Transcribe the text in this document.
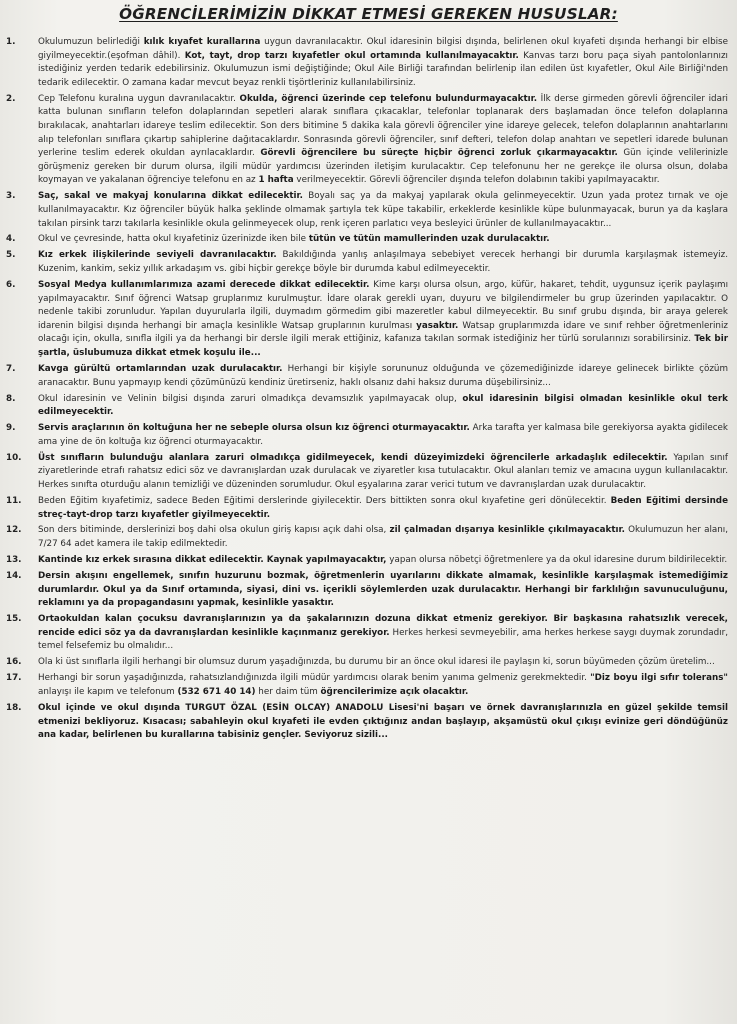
ÖĞRENCİLERİMİZİN DİKKAT ETMESİ GEREKEN HUSUSLAR:
1.	Okulumuzun belirlediği kılık kıyafet kurallarına uygun davranılacaktır. Okul idaresinin bilgisi dışında, belirlenen okul kıyafeti dışında herhangi bir elbise giyilmeyecektir.(eşofman dâhil). Kot, tayt, drop tarzı kıyafetler okul ortamında kullanılmayacaktır. Kanvas tarzı boru paça siyah pantolonlarınızı istediğiniz yerden tedarik edebilirsiniz. Okulumuzun ismi değiştiğinde; Okul Aile Birliği tarafından belirlenip ilan edilen üst kıyafetler, Okul Aile Birliği'nden tedarik edilecektir. O zamana kadar mevcut beyaz renkli tişörtleriniz kullanılabilirsiniz.
2.	Cep Telefonu kuralına uygun davranılacaktır. Okulda, öğrenci üzerinde cep telefonu bulundurmayacaktır. İlk derse girmeden görevli öğrenciler idari katta bulunan sınıfların telefon dolaplarından sepetleri alarak sınıflara çıkacaklar, telefonlar toplanarak ders başlamadan önce telefon dolaplarına bırakılacak, anahtarları idareye teslim edilecektir. Son ders bitimine 5 dakika kala görevli öğrenciler yine idareye gelecek, telefon dolaplarının anahtarlarını alıp telefonları sınıflara çıkartıp sahiplerine dağıtacaklardır. Sonrasında görevli öğrenciler, sınıf defteri, telefon dolap anahtarı ve sepetleri idarede bulunan yerlerine teslim ederek okuldan ayrılacaklardır. Görevli öğrencilere bu süreçte hiçbir öğrenci zorluk çıkarmayacaktır. Gün içinde velilerinizle görüşmeniz gereken bir durum olursa, ilgili müdür yardımcısı üzerinden iletişim kurulacaktır. Cep telefonunu her ne gerekçe ile olursa olsun, dolaba koymayan ve yakalanan öğrenciye telefonu en az 1 hafta verilmeyecektir. Görevli öğrenciler dışında telefon dolabının takibi yapılmayacaktır.
3.	Saç, sakal ve makyaj konularına dikkat edilecektir. Boyalı saç ya da makyaj yapılarak okula gelinmeyecektir. Uzun yada protez tırnak ve oje kullanılmayacaktır. Kız öğrenciler büyük halka şeklinde olmamak şartıyla tek küpe takabilir, erkeklerde kesinlikle küpe bulunmayacak, burun ya da kaşlara takılan pirsink tarzı takılarla kesinlikle okula gelinmeyecek olup, renk içeren parlatıcı veya besleyici ürünler de kullanılmayacaktır...
4.	Okul ve çevresinde, hatta okul kıyafetiniz üzerinizde iken bile tütün ve tütün mamullerinden uzak durulacaktır.
5.	Kız erkek ilişkilerinde seviyeli davranılacaktır. Bakıldığında yanlış anlaşılmaya sebebiyet verecek herhangi bir durumla karşılaşmak istemeyiz. Kuzenim, kankim, sekiz yıllık arkadaşım vs. gibi hiçbir gerekçe böyle bir durumda kabul edilmeyecektir.
6.	Sosyal Medya kullanımlarımıza azami derecede dikkat edilecektir. Kime karşı olursa olsun, argo, küfür, hakaret, tehdit, uygunsuz içerik paylaşımı yapılmayacaktır. Sınıf öğrenci Watsap gruplarımız kurulmuştur. İdare olarak gerekli uyarı, duyuru ve bilgilendirmeler bu grup üzerinden yapılacaktır. O nedenle takibi zorunludur. Yapılan duyurularla ilgili, duymadım görmedim gibi mazeretler kabul dilmeyecektir. Bu sınıf grubu dışında, bir araya gelerek idarenin bilgisi dışında herhangi bir amaçla kesinlikle Watsap gruplarının kurulması yasaktır. Watsap gruplarımızda idare ve sınıf rehber öğretmenleriniz olacağı için, okulla, sınıfla ilgili ya da herhangi bir dersle ilgili merak ettiğiniz, kafanıza takılan sormak istediğiniz her türlü sorularınızı sorabilirsiniz. Tek bir şartla, üslubumuza dikkat etmek koşulu ile...
7.	Kavga gürültü ortamlarından uzak durulacaktır. Herhangi bir kişiyle sorununuz olduğunda ve çözemediğinizde idareye gelinecek birlikte çözüm aranacaktır. Bunu yapmayıp kendi çözümünüzü kendiniz üretirseniz, haklı olsanız dahi haksız duruma düşebilirsiniz...
8.	Okul idaresinin ve Velinin bilgisi dışında zaruri olmadıkça devamsızlık yapılmayacak olup, okul idaresinin bilgisi olmadan kesinlikle okul terk edilmeyecektir.
9.	Servis araçlarının ön koltuğuna her ne sebeple olursa olsun kız öğrenci oturmayacaktır. Arka tarafta yer kalmasa bile gerekiyorsa ayakta gidilecek ama yine de ön koltuğa kız öğrenci oturmayacaktır.
10. Üst sınıfların bulunduğu alanlara zaruri olmadıkça gidilmeyecek, kendi düzeyimizdeki öğrencilerle arkadaşlık edilecektir. Yapılan sınıf ziyaretlerinde etrafı rahatsız edici söz ve davranışlardan uzak durulacak ve ziyaretler kısa tutulacaktır. Okul alanları temiz ve amacına uygun kullanılacaktır. Herkes sınıfta oturduğu alanın temizliği ve düzeninden sorumludur. Okul eşyalarına zarar verici tutum ve davranışlardan uzak durulacaktır.
11. Beden Eğitim kıyafetimiz, sadece Beden Eğitimi derslerinde giyilecektir. Ders bittikten sonra okul kıyafetine geri dönülecektir. Beden Eğitimi dersinde streç-tayt-drop tarzı kıyafetler giyilmeyecektir.
12. Son ders bitiminde, derslerinizi boş dahi olsa okulun giriş kapısı açık dahi olsa, zil çalmadan dışarıya kesinlikle çıkılmayacaktır. Okulumuzun her alanı, 7/27 64 adet kamera ile takip edilmektedir.
13. Kantinde kız erkek sırasına dikkat edilecektir. Kaynak yapılmayacaktır, yapan olursa nöbetçi öğretmenlere ya da okul idaresine durum bildirilecektir.
14. Dersin akışını engellemek, sınıfın huzurunu bozmak, öğretmenlerin uyarılarını dikkate almamak, kesinlikle karşılaşmak istemediğimiz durumlardır. Okul ya da Sınıf ortamında, siyasi, dini vs. içerikli söylemlerden uzak durulacaktır. Herhangi bir farklılığın savunuculuğunu, reklamını ya da propagandasını yapmak, kesinlikle yasaktır.
15. Ortaokuldan kalan çocuksu davranışlarınızın ya da şakalarınızın dozuna dikkat etmeniz gerekiyor. Bir başkasına rahatsızlık verecek, rencide edici söz ya da davranışlardan kesinlikle kaçınmanız gerekiyor. Herkes herkesi sevmeyebilir, ama herkes herkese saygı duymak zorundadır, temel felsefemiz bu olmalıdır...
16. Ola ki üst sınıflarla ilgili herhangi bir olumsuz durum yaşadığınızda, bu durumu bir an önce okul idaresi ile paylaşın ki, sorun büyümeden çözüm üretelim...
17. Herhangi bir sorun yaşadığınızda, rahatsızlandığınızda ilgili müdür yardımcısı olarak benim yanıma gelmeniz gerekmektedir. "Diz boyu ilgi sıfır tolerans" anlayışı ile kapım ve telefonum (532 671 40 14) her daim tüm öğrencilerimize açık olacaktır.
18. Okul içinde ve okul dışında TURGUT ÖZAL (ESİN OLCAY) ANADOLU Lisesi'ni başarı ve örnek davranışlarınızla en güzel şekilde temsil etmenizi bekliyoruz. Kısacası; sabahleyin okul kıyafeti ile evden çıktığınız andan başlayıp, akşamüstü okul çıkışı evinize geri döndüğünüz ana kadar, belirlenen bu kurallarına tabisiniz gençler. Seviyoruz sizili...
